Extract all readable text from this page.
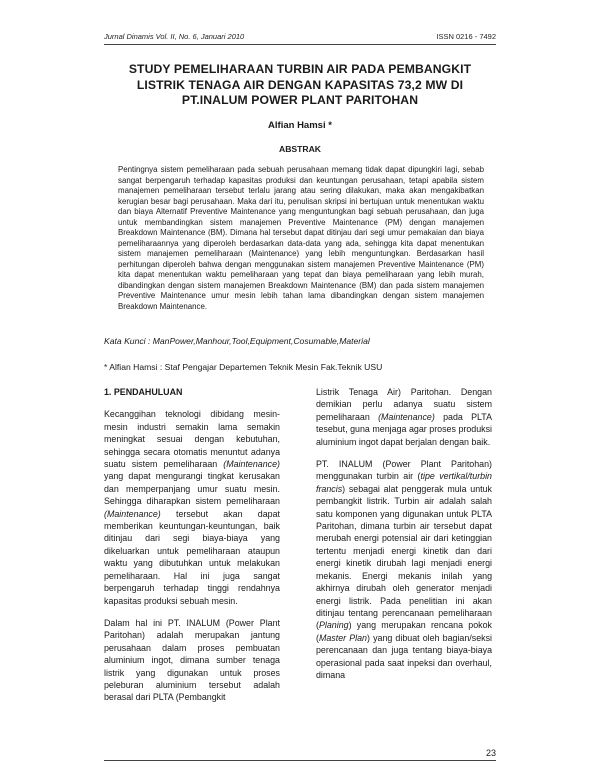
Jurnal Dinamis Vol. II, No. 6, Januari 2010	ISSN 0216 - 7492
STUDY PEMELIHARAAN TURBIN AIR PADA PEMBANGKIT
LISTRIK TENAGA AIR DENGAN KAPASITAS 73,2 MW DI
PT.INALUM POWER PLANT PARITOHAN
Alfian Hamsi *
ABSTRAK
Pentingnya sistem pemeliharaan pada sebuah perusahaan memang tidak dapat dipungkiri lagi, sebab sangat berpengaruh terhadap kapasitas produksi dan keuntungan perusahaan, tetapi apabila sistem manajemen pemeliharaan tersebut terlalu jarang atau sering dilakukan, maka akan mengakibatkan kerugian besar bagi perusahaan. Maka dari itu, penulisan skripsi ini bertujuan untuk menentukan waktu dan biaya Alternatif Preventive Maintenance yang menguntungkan bagi sebuah perusahaan, dan juga untuk membandingkan sistem manajemen Preventive Maintenance (PM) dengan manajemen Breakdown Maintenance (BM). Dimana hal tersebut dapat ditinjau dari segi umur pemakaian dan biaya pemeliharaannya yang diperoleh berdasarkan data-data yang ada, sehingga kita dapat menentukan sistem manajemen pemeliharaan (Maintenance) yang lebih menguntungkan. Berdasarkan hasil perhitungan diperoleh bahwa dengan menggunakan sistem manajemen Preventive Maintenance (PM) kita dapat menentukan waktu pemeliharaan yang tepat dan biaya pemeliharaan yang lebih murah, dibandingkan dengan sistem manajemen Breakdown Maintenance (BM) dan pada sistem manajemen Preventive Maintenance umur mesin lebih tahan lama dibandingkan dengan sistem manajemen Breakdown Maintenance.
Kata Kunci : ManPower,Manhour,Tool,Equipment,Cosumable,Material
* Alfian Hamsi : Staf Pengajar Departemen Teknik Mesin Fak.Teknik USU
1. PENDAHULUAN

Kecanggihan teknologi dibidang mesin-mesin industri semakin lama semakin meningkat sesuai dengan kebutuhan, sehingga secara otomatis menuntut adanya suatu sistem pemeliharaan (Maintenance) yang dapat mengurangi tingkat kerusakan dan memperpanjang umur suatu mesin. Sehingga diharapkan sistem pemeliharaan (Maintenance) tersebut akan dapat memberikan keuntungan-keuntungan, baik ditinjau dari segi biaya-biaya yang dikeluarkan untuk pemeliharaan ataupun waktu yang dibutuhkan untuk melakukan pemeliharaan. Hal ini juga sangat berpengaruh terhadap tinggi rendahnya kapasitas produksi sebuah mesin.

Dalam hal ini PT. INALUM (Power Plant Paritohan) adalah merupakan jantung perusahaan dalam proses pembuatan aluminium ingot, dimana sumber tenaga listrik yang digunakan untuk proses peleburan aluminium tersebut adalah berasal dari PLTA (Pembangkit

Listrik Tenaga Air) Paritohan. Dengan demikian perlu adanya suatu sistem pemeliharaan (Maintenance) pada PLTA tesebut, guna menjaga agar proses produksi aluminium ingot dapat berjalan dengan baik.

PT. INALUM (Power Plant Paritohan) menggunakan turbin air (tipe vertikal/turbin francis) sebagai alat penggerak mula untuk pembangkit listrik. Turbin air adalah salah satu komponen yang digunakan untuk PLTA Paritohan, dimana turbin air tersebut dapat merubah energi potensial air dari ketinggian tertentu menjadi energi kinetik dan dari energi kinetik dirubah lagi menjadi energi mekanis. Energi mekanis inilah yang akhirnya dirubah oleh generator menjadi energi listrik. Pada penelitian ini akan ditinjau tentang perencanaan pemeliharaan (Planing) yang merupakan rencana pokok (Master Plan) yang dibuat oleh bagian/seksi perencanaan dan juga tentang biaya-biaya operasional pada saat inpeksi dan overhaul, dimana

23
